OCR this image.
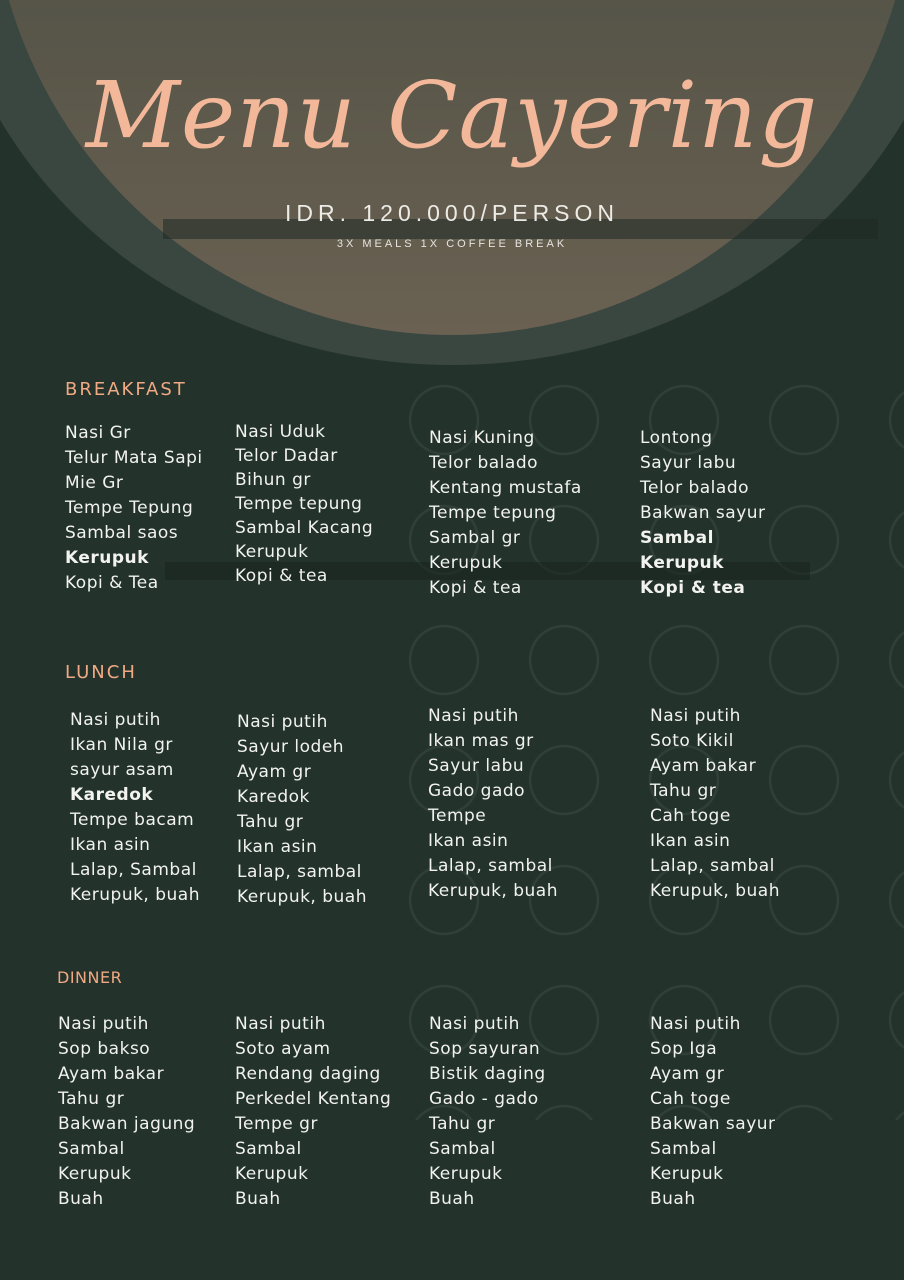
Menu Cayering
IDR. 120.000/PERSON
3X MEALS 1X COFFEE BREAK
BREAKFAST
Nasi Gr
Telur Mata Sapi
Mie Gr
Tempe Tepung
Sambal saos
Kerupuk
Kopi & Tea
Nasi Uduk
Telor Dadar
Bihun gr
Tempe tepung
Sambal Kacang
Kerupuk
Kopi & tea
Nasi Kuning
Telor balado
Kentang mustafa
Tempe tepung
Sambal gr
Kerupuk
Kopi & tea
Lontong
Sayur labu
Telor balado
Bakwan sayur
Sambal
Kerupuk
Kopi & tea
LUNCH
Nasi putih
Ikan Nila gr
sayur asam
Karedok
Tempe bacam
Ikan asin
Lalap, Sambal
Kerupuk, buah
Nasi putih
Sayur lodeh
Ayam gr
Karedok
Tahu gr
Ikan asin
Lalap, sambal
Kerupuk, buah
Nasi putih
Ikan mas gr
Sayur labu
Gado gado
Tempe
Ikan asin
Lalap, sambal
Kerupuk, buah
Nasi putih
Soto Kikil
Ayam bakar
Tahu gr
Cah toge
Ikan asin
Lalap, sambal
Kerupuk, buah
DINNER
Nasi putih
Sop bakso
Ayam bakar
Tahu gr
Bakwan jagung
Sambal
Kerupuk
Buah
Nasi putih
Soto ayam
Rendang daging
Perkedel Kentang
Tempe gr
Sambal
Kerupuk
Buah
Nasi putih
Sop sayuran
Bistik daging
Gado - gado
Tahu gr
Sambal
Kerupuk
Buah
Nasi putih
Sop Iga
Ayam gr
Cah toge
Bakwan sayur
Sambal
Kerupuk
Buah
